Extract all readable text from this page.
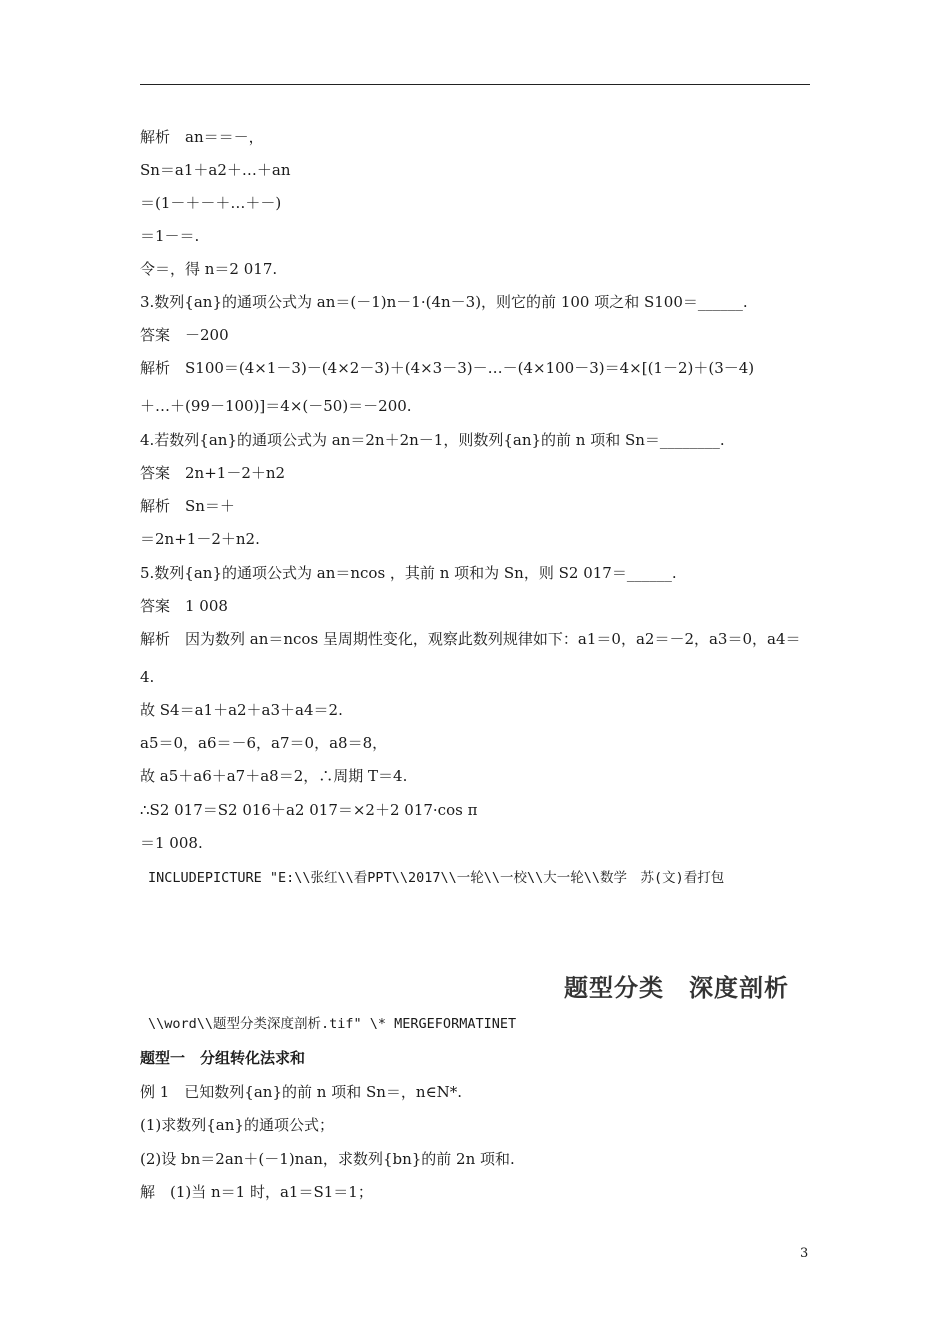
解析　an＝＝－，
Sn＝a1＋a2＋…＋an
＝(1－＋－＋…＋－)
＝1－＝.
令＝，得 n＝2 017.
3.数列{an}的通项公式为 an＝(－1)n－1·(4n－3)，则它的前 100 项之和 S100＝______.
答案　－200
解析　S100＝(4×1－3)－(4×2－3)＋(4×3－3)－…－(4×100－3)＝4×[(1－2)＋(3－4)
＋…＋(99－100)]＝4×(－50)＝－200.
4.若数列{an}的通项公式为 an＝2n＋2n－1，则数列{an}的前 n 项和 Sn＝________.
答案　2n+1－2＋n2
解析　Sn＝＋
＝2n+1－2＋n2.
5.数列{an}的通项公式为 an＝ncos ，其前 n 项和为 Sn，则 S2 017＝______.
答案　1 008
解析　因为数列 an＝ncos 呈周期性变化，观察此数列规律如下：a1＝0，a2＝－2，a3＝0，a4＝
4.
故 S4＝a1＋a2＋a3＋a4＝2.
a5＝0，a6＝－6，a7＝0，a8＝8，
故 a5＋a6＋a7＋a8＝2，∴周期 T＝4.
∴S2 017＝S2 016＋a2 017＝×2＋2 017·cos π
＝1 008.
INCLUDEPICTURE "E:\\张红\\看PPT\\2017\\一轮\\一校\\大一轮\\数学　苏(文)看打包
题型分类　深度剖析
\\word\\题型分类深度剖析.tif" \* MERGEFORMATINET
题型一　分组转化法求和
例 1　已知数列{an}的前 n 项和 Sn＝，n∈N*.
(1)求数列{an}的通项公式；
(2)设 bn＝2an＋(－1)nan，求数列{bn}的前 2n 项和.
解　(1)当 n＝1 时，a1＝S1＝1；
3
